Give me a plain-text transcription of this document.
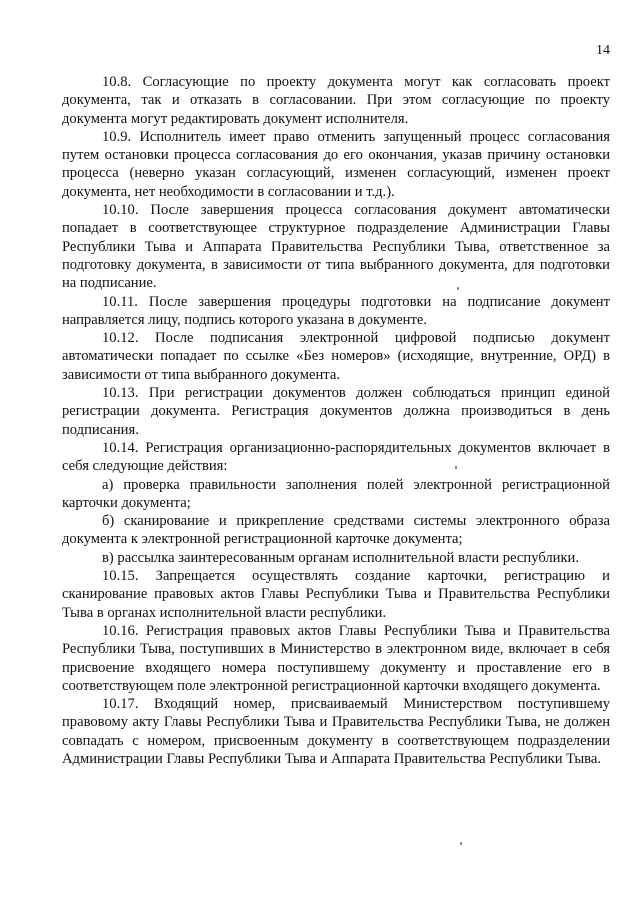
14

10.8. Согласующие по проекту документа могут как согласовать проект документа, так и отказать в согласовании. При этом согласующие по проекту документа могут редактировать документ исполнителя.

10.9. Исполнитель имеет право отменить запущенный процесс согласования путем остановки процесса согласования до его окончания, указав причину остановки процесса (неверно указан согласующий, изменен согласующий, изменен проект документа, нет необходимости в согласовании и т.д.).

10.10. После завершения процесса согласования документ автоматически попадает в соответствующее структурное подразделение Администрации Главы Республики Тыва и Аппарата Правительства Республики Тыва, ответственное за подготовку документа, в зависимости от типа выбранного документа, для подготовки на подписание.

10.11. После завершения процедуры подготовки на подписание документ направляется лицу, подпись которого указана в документе.

10.12. После подписания электронной цифровой подписью документ автоматически попадает по ссылке «Без номеров» (исходящие, внутренние, ОРД) в зависимости от типа выбранного документа.

10.13. При регистрации документов должен соблюдаться принцип единой регистрации документа. Регистрация документов должна производиться в день подписания.

10.14. Регистрация организационно-распорядительных документов включает в себя следующие действия:

а) проверка правильности заполнения полей электронной регистрационной карточки документа;

б) сканирование и прикрепление средствами системы электронного образа документа к электронной регистрационной карточке документа;

в) рассылка заинтересованным органам исполнительной власти республики.

10.15. Запрещается осуществлять создание карточки, регистрацию и сканирование правовых актов Главы Республики Тыва и Правительства Республики Тыва в органах исполнительной власти республики.

10.16. Регистрация правовых актов Главы Республики Тыва и Правительства Республики Тыва, поступивших в Министерство в электронном виде, включает в себя присвоение входящего номера поступившему документу и проставление его в соответствующем поле электронной регистрационной карточки входящего документа.

10.17. Входящий номер, присваиваемый Министерством поступившему правовому акту Главы Республики Тыва и Правительства Республики Тыва, не должен совпадать с номером, присвоенным документу в соответствующем подразделении Администрации Главы Республики Тыва и Аппарата Правительства Республики Тыва.
